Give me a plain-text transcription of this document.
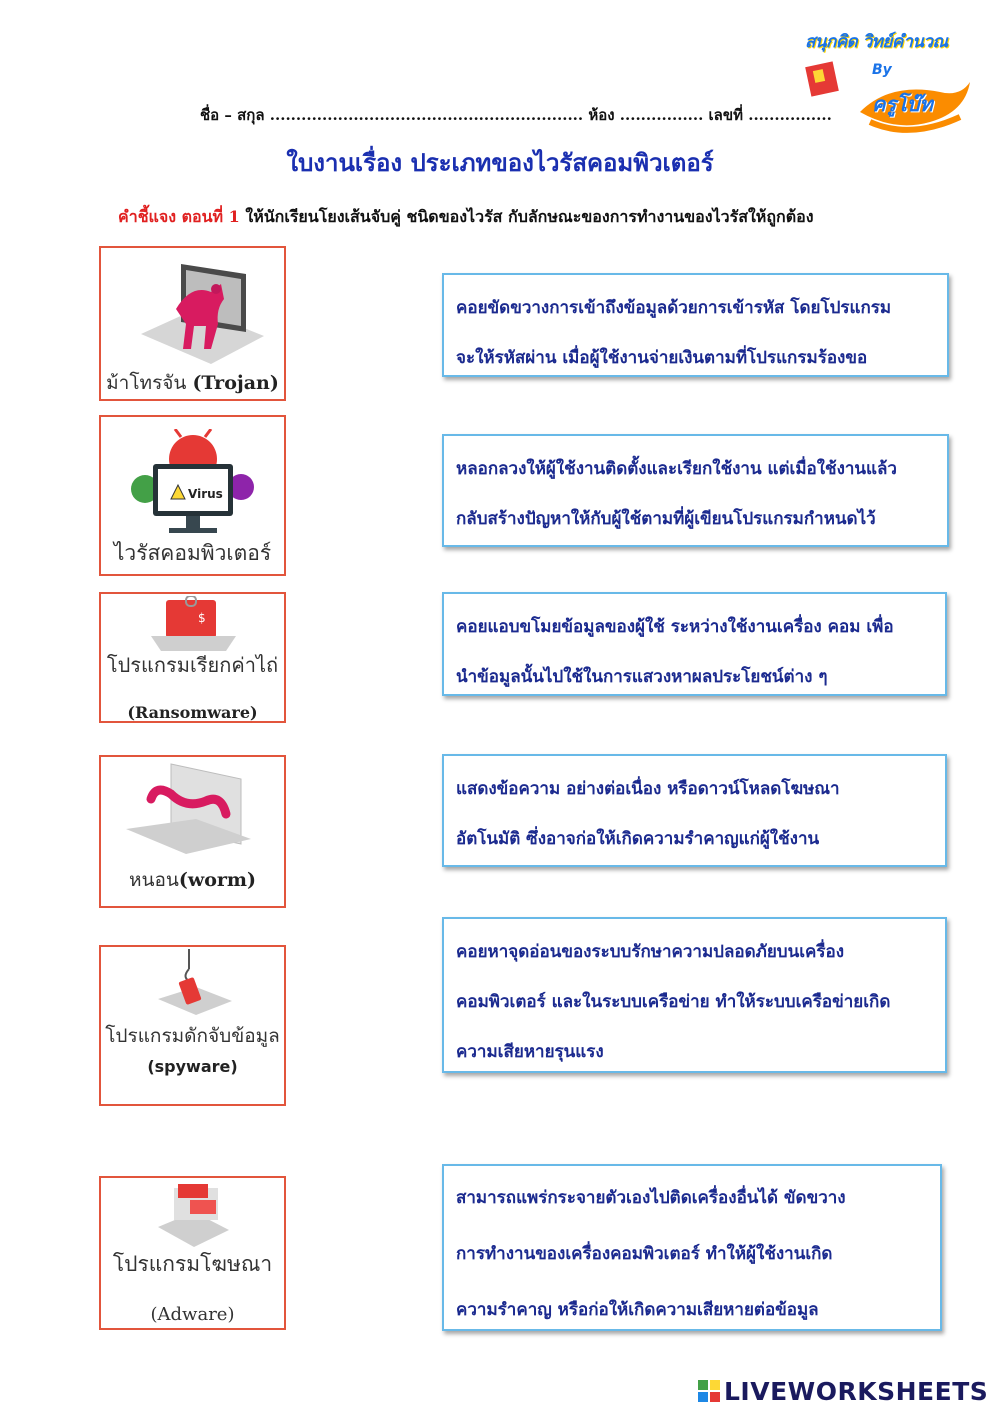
สนุกคิด วิทย์คำนวณ
By
ครูโบ๊ท
ชื่อ – สกุล ............................................................ ห้อง ................ เลขที่ ................
ใบงานเรื่อง ประเภทของไวรัสคอมพิวเตอร์
คำชี้แจง ตอนที่ 1 ให้นักเรียนโยงเส้นจับคู่ ชนิดของไวรัส กับลักษณะของการทำงานของไวรัสให้ถูกต้อง
ม้าโทรจัน (Trojan)
Virus
ไวรัสคอมพิวเตอร์
$
โปรแกรมเรียกค่าไถ่
(Ransomware)
หนอน(worm)
โปรแกรมดักจับข้อมูล
(spyware)
โปรแกรมโฆษณา
(Adware)

คอยขัดขวางการเข้าถึงข้อมูลด้วยการเข้ารหัส โดยโปรแกรม

จะให้รหัสผ่าน เมื่อผู้ใช้งานจ่ายเงินตามที่โปรแกรมร้องขอ

หลอกลวงให้ผู้ใช้งานติดตั้งและเรียกใช้งาน แต่เมื่อใช้งานแล้ว

กลับสร้างปัญหาให้กับผู้ใช้ตามที่ผู้เขียนโปรแกรมกำหนดไว้

คอยแอบขโมยข้อมูลของผู้ใช้ ระหว่างใช้งานเครื่อง คอม เพื่อ

นำข้อมูลนั้นไปใช้ในการแสวงหาผลประโยชน์ต่าง ๆ

แสดงข้อความ อย่างต่อเนื่อง หรือดาวน์โหลดโฆษณา

อัตโนมัติ ซึ่งอาจก่อให้เกิดความรำคาญแก่ผู้ใช้งาน

คอยหาจุดอ่อนของระบบรักษาความปลอดภัยบนเครื่อง

คอมพิวเตอร์ และในระบบเครือข่าย ทำให้ระบบเครือข่ายเกิด

ความเสียหายรุนแรง

สามารถแพร่กระจายตัวเองไปติดเครื่องอื่นได้ ขัดขวาง

การทำงานของเครื่องคอมพิวเตอร์ ทำให้ผู้ใช้งานเกิด

ความรำคาญ หรือก่อให้เกิดความเสียหายต่อข้อมูล

LIVEWORKSHEETS
